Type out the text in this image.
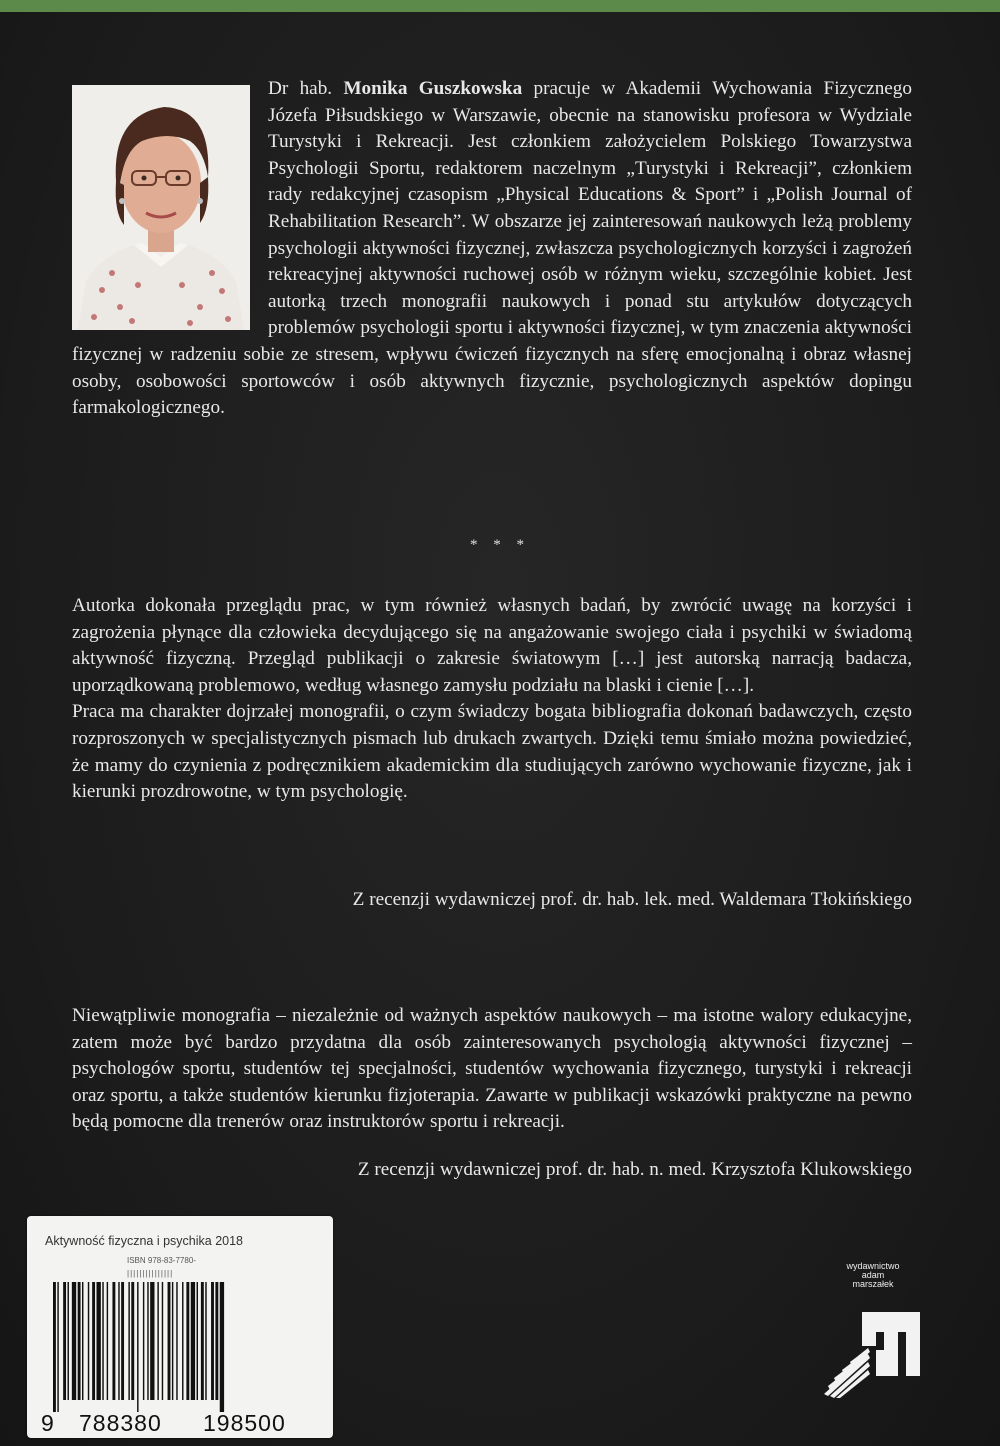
Dr hab. Monika Guszkowska pracuje w Akademii Wychowania Fizycznego Józefa Piłsudskiego w Warszawie, obecnie na stanowisku profesora w Wydziale Turystyki i Rekreacji. Jest członkiem założycielem Polskiego Towarzystwa Psychologii Sportu, redaktorem naczelnym „Turystyki i Rekreacji”, członkiem rady redakcyjnej czasopism „Physical Educations & Sport” i „Polish Journal of Rehabilitation Research”. W obszarze jej zainteresowań naukowych leżą problemy psychologii aktywności fizycznej, zwłaszcza psychologicznych korzyści i zagrożeń rekreacyjnej aktywności ruchowej osób w różnym wieku, szczególnie kobiet. Jest autorką trzech monografii naukowych i ponad stu artykułów dotyczących problemów psychologii sportu i aktywności fizycznej, w tym znaczenia aktywności fizycznej w radzeniu sobie ze stresem, wpływu ćwiczeń fizycznych na sferę emocjonalną i obraz własnej osoby, osobowości sportowców i osób aktywnych fizycznie, psychologicznych aspektów dopingu farmakologicznego.
* * *

Autorka dokonała przeglądu prac, w tym również własnych badań, by zwrócić uwagę na korzyści i zagrożenia płynące dla człowieka decydującego się na angażowanie swojego ciała i psychiki w świadomą aktywność fizyczną. Przegląd publikacji o zakresie światowym […] jest autorską narracją badacza, uporządkowaną problemowo, według własnego zamysłu podziału na blaski i cienie […].

Praca ma charakter dojrzałej monografii, o czym świadczy bogata bibliografia dokonań badawczych, często rozproszonych w specjalistycznych pismach lub drukach zwartych. Dzięki temu śmiało można powiedzieć, że mamy do czynienia z podręcznikiem akademickim dla studiujących zarówno wychowanie fizyczne, jak i kierunki prozdrowotne, w tym psychologię.

Z recenzji wydawniczej prof. dr. hab. lek. med. Waldemara Tłokińskiego

Niewątpliwie monografia – niezależnie od ważnych aspektów naukowych – ma istotne walory edukacyjne, zatem może być bardzo przydatna dla osób zainteresowanych psychologią aktywności fizycznej – psychologów sportu, studentów tej specjalności, studentów wychowania fizycznego, turystyki i rekreacji oraz sportu, a także studentów kierunku fizjoterapia. Zawarte w publikacji wskazówki praktyczne na pewno będą pomocne dla trenerów oraz instruktorów sportu i rekreacji.

Z recenzji wydawniczej prof. dr. hab. n. med. Krzysztofa Klukowskiego
Aktywność fizyczna i psychika 2018
ISBN 978-83-7780-
|||||||||||||||
9 788380 198500
wydawnictwo
adam
marszałek
